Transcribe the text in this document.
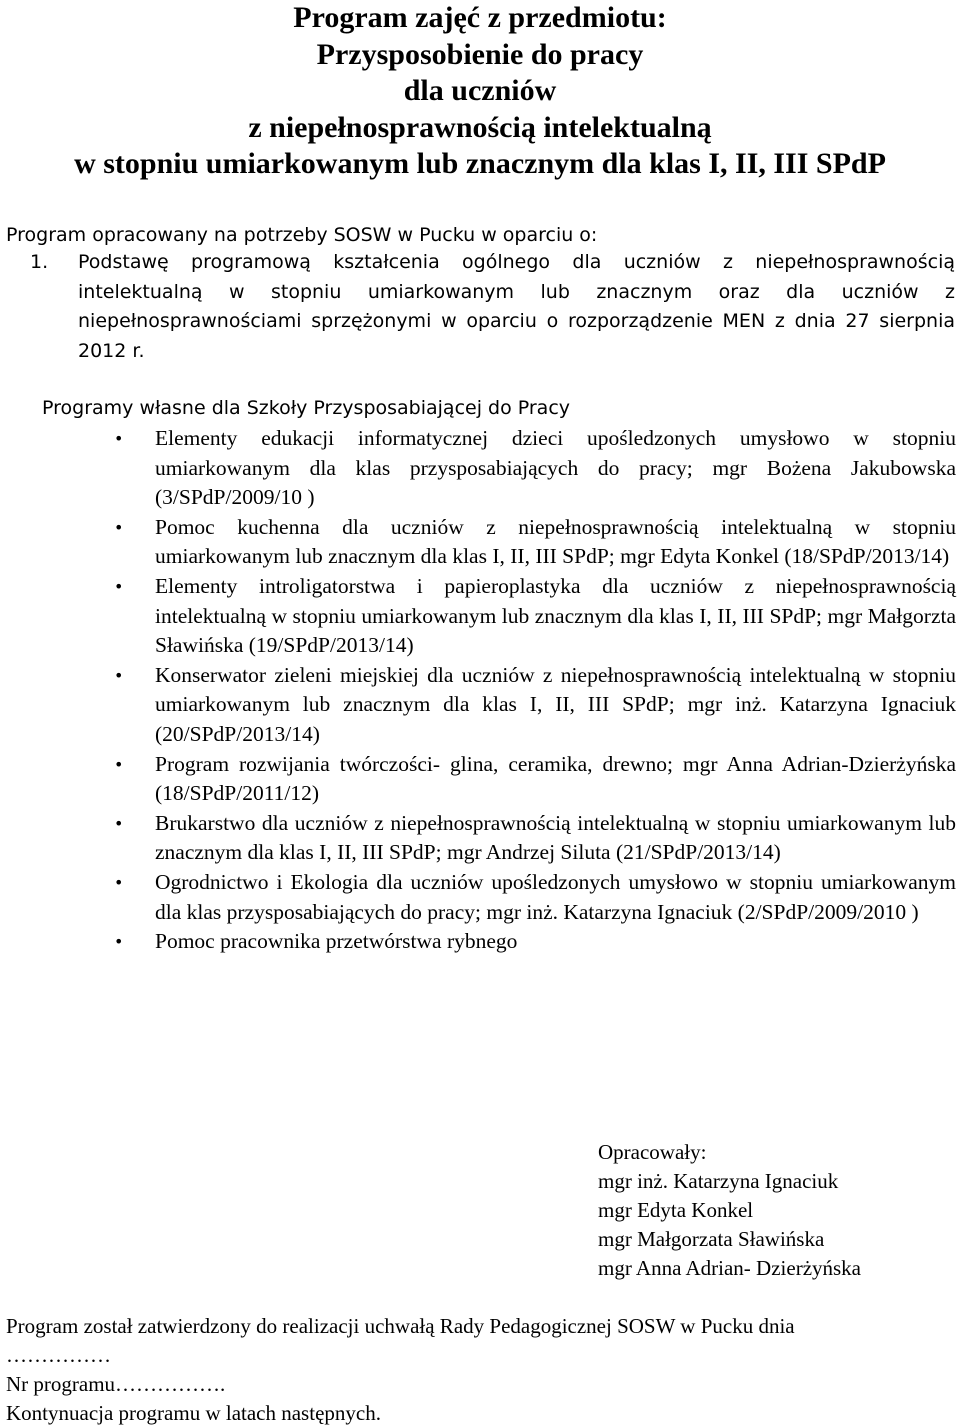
Program zajęć z przedmiotu:
Przysposobienie do pracy
dla uczniów
z niepełnosprawnością intelektualną
w stopniu umiarkowanym lub znacznym dla klas I, II, III SPdP
Program opracowany na potrzeby SOSW w Pucku w oparciu o:
1. Podstawę programową kształcenia ogólnego dla uczniów z niepełnosprawnością intelektualną w stopniu umiarkowanym lub znacznym oraz dla uczniów z niepełnosprawnościami sprzężonymi w oparciu o rozporządzenie MEN z dnia 27 sierpnia 2012 r.
Programy własne dla Szkoły Przysposabiającej do Pracy
• Elementy edukacji informatycznej dzieci upośledzonych umysłowo w stopniu umiarkowanym dla klas przysposabiających do pracy; mgr Bożena Jakubowska (3/SPdP/2009/10 )
• Pomoc kuchenna dla uczniów z niepełnosprawnością intelektualną w stopniu umiarkowanym lub znacznym dla klas I, II, III SPdP; mgr Edyta Konkel (18/SPdP/2013/14)
• Elementy introligatorstwa i papieroplastyka dla uczniów z niepełnosprawnością intelektualną w stopniu umiarkowanym lub znacznym dla klas I, II, III SPdP; mgr Małgorzta Sławińska (19/SPdP/2013/14)
• Konserwator zieleni miejskiej dla uczniów z niepełnosprawnością intelektualną w stopniu umiarkowanym lub znacznym dla klas I, II, III SPdP; mgr inż. Katarzyna Ignaciuk (20/SPdP/2013/14)
• Program rozwijania twórczości- glina, ceramika, drewno; mgr Anna Adrian-Dzierżyńska (18/SPdP/2011/12)
• Brukarstwo dla uczniów z niepełnosprawnością intelektualną w stopniu umiarkowanym lub znacznym dla klas I, II, III SPdP; mgr Andrzej Siluta (21/SPdP/2013/14)
• Ogrodnictwo i Ekologia dla uczniów upośledzonych umysłowo w stopniu umiarkowanym dla klas przysposabiających do pracy; mgr inż. Katarzyna Ignaciuk (2/SPdP/2009/2010 )
• Pomoc pracownika przetwórstwa rybnego
Opracowały:
mgr inż. Katarzyna Ignaciuk
mgr Edyta Konkel
mgr Małgorzata Sławińska
mgr Anna Adrian- Dzierżyńska
Program został zatwierdzony do realizacji uchwałą Rady Pedagogicznej SOSW w Pucku dnia
……………
Nr programu…………….
Kontynuacja programu w latach następnych.
